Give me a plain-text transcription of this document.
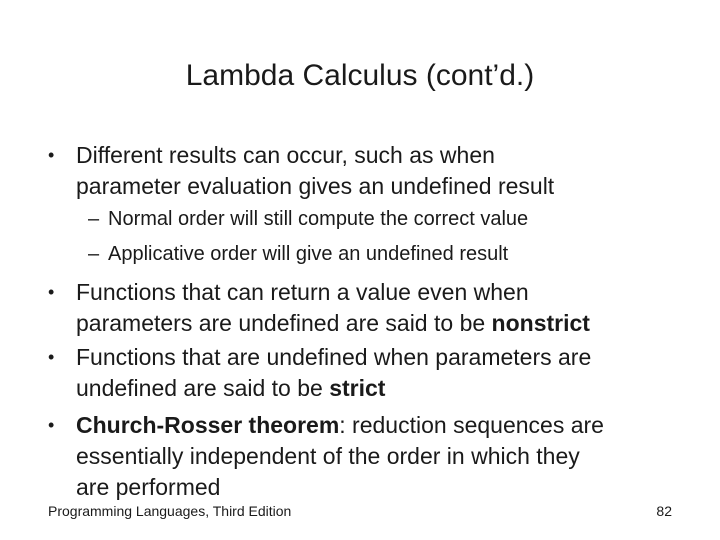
Lambda Calculus (cont’d.)
• Different results can occur, such as when
parameter evaluation gives an undefined result
– Normal order will still compute the correct value
– Applicative order will give an undefined result
• Functions that can return a value even when
parameters are undefined are said to be nonstrict
• Functions that are undefined when parameters are
undefined are said to be strict
• Church-Rosser theorem: reduction sequences are
essentially independent of the order in which they
are performed
Programming Languages, Third Edition	82
